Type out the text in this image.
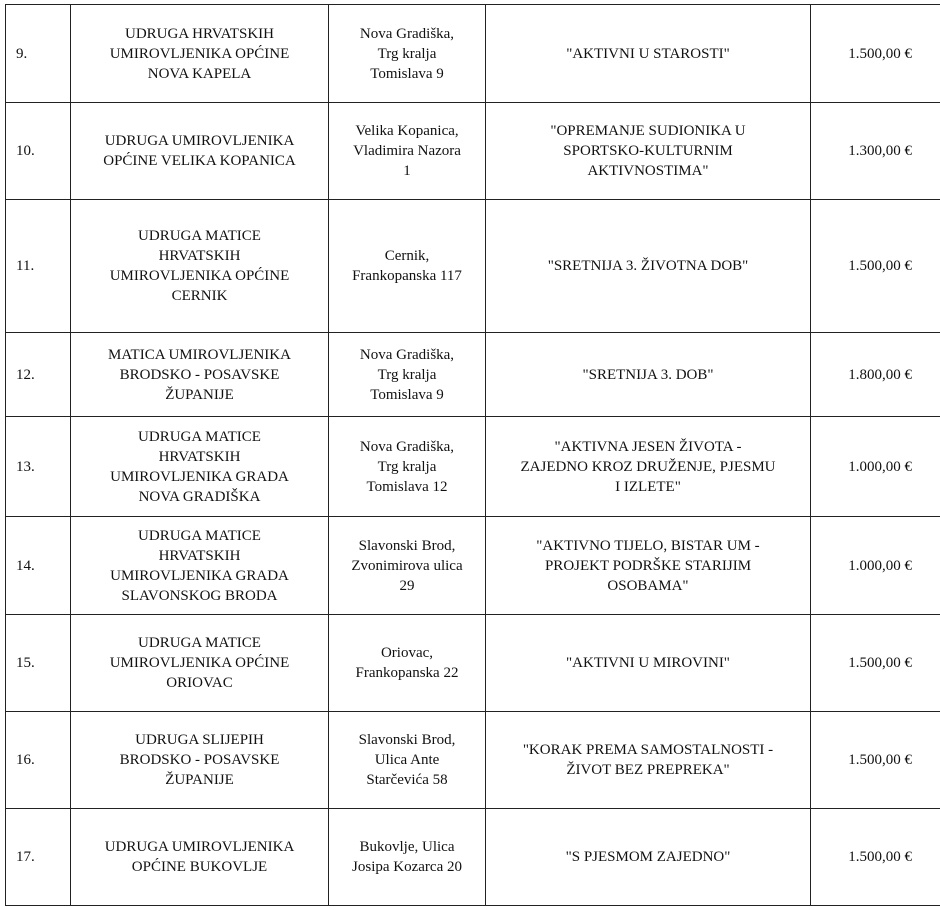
9.	UDRUGA HRVATSKIH
UMIROVLJENIKA OPĆINE
NOVA KAPELA	Nova Gradiška,
Trg kralja
Tomislava 9	"AKTIVNI U STAROSTI"	1.500,00 €
10.	UDRUGA UMIROVLJENIKA
OPĆINE VELIKA KOPANICA	Velika Kopanica,
Vladimira Nazora
1	"OPREMANJE SUDIONIKA U
SPORTSKO-KULTURNIM
AKTIVNOSTIMA"	1.300,00 €
11.	UDRUGA MATICE
HRVATSKIH
UMIROVLJENIKA OPĆINE
CERNIK	Cernik,
Frankopanska 117	"SRETNIJA 3. ŽIVOTNA DOB"	1.500,00 €
12.	MATICA UMIROVLJENIKA
BRODSKO - POSAVSKE
ŽUPANIJE	Nova Gradiška,
Trg kralja
Tomislava 9	"SRETNIJA 3. DOB"	1.800,00 €
13.	UDRUGA MATICE
HRVATSKIH
UMIROVLJENIKA GRADA
NOVA GRADIŠKA	Nova Gradiška,
Trg kralja
Tomislava 12	"AKTIVNA JESEN ŽIVOTA -
ZAJEDNO KROZ DRUŽENJE, PJESMU
I IZLETE"	1.000,00 €
14.	UDRUGA MATICE
HRVATSKIH
UMIROVLJENIKA GRADA
SLAVONSKOG BRODA	Slavonski Brod,
Zvonimirova ulica
29	"AKTIVNO TIJELO, BISTAR UM -
PROJEKT PODRŠKE STARIJIM
OSOBAMA"	1.000,00 €
15.	UDRUGA MATICE
UMIROVLJENIKA OPĆINE
ORIOVAC	Oriovac,
Frankopanska 22	"AKTIVNI U MIROVINI"	1.500,00 €
16.	UDRUGA SLIJEPIH
BRODSKO - POSAVSKE
ŽUPANIJE	Slavonski Brod,
Ulica Ante
Starčevića 58	"KORAK PREMA SAMOSTALNOSTI -
ŽIVOT BEZ PREPREKA"	1.500,00 €
17.	UDRUGA UMIROVLJENIKA
OPĆINE BUKOVLJE	Bukovlje, Ulica
Josipa Kozarca 20	"S PJESMOM ZAJEDNO"	1.500,00 €
